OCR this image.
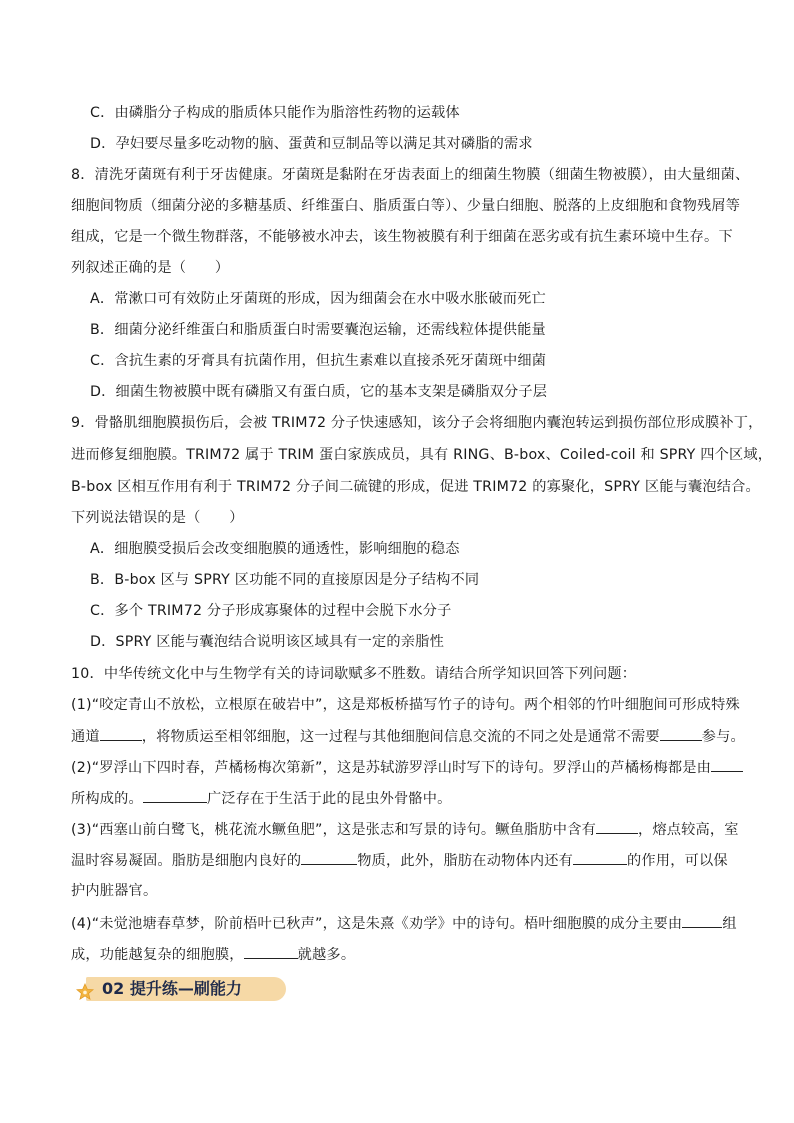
C．由磷脂分子构成的脂质体只能作为脂溶性药物的运载体
D．孕妇要尽量多吃动物的脑、蛋黄和豆制品等以满足其对磷脂的需求
8．清洗牙菌斑有利于牙齿健康。牙菌斑是黏附在牙齿表面上的细菌生物膜（细菌生物被膜），由大量细菌、
细胞间物质（细菌分泌的多糖基质、纤维蛋白、脂质蛋白等）、少量白细胞、脱落的上皮细胞和食物残屑等
组成，它是一个微生物群落，不能够被水冲去，该生物被膜有利于细菌在恶劣或有抗生素环境中生存。下
列叙述正确的是（　　）
A．常漱口可有效防止牙菌斑的形成，因为细菌会在水中吸水胀破而死亡
B．细菌分泌纤维蛋白和脂质蛋白时需要囊泡运输，还需线粒体提供能量
C．含抗生素的牙膏具有抗菌作用，但抗生素难以直接杀死牙菌斑中细菌
D．细菌生物被膜中既有磷脂又有蛋白质，它的基本支架是磷脂双分子层
9．骨骼肌细胞膜损伤后，会被 TRIM72 分子快速感知，该分子会将细胞内囊泡转运到损伤部位形成膜补丁，
进而修复细胞膜。TRIM72 属于 TRIM 蛋白家族成员，具有 RING、B-box、Coiled-coil 和 SPRY 四个区域，
B-box 区相互作用有利于 TRIM72 分子间二硫键的形成，促进 TRIM72 的寡聚化，SPRY 区能与囊泡结合。
下列说法错误的是（　　）
A．细胞膜受损后会改变细胞膜的通透性，影响细胞的稳态
B．B-box 区与 SPRY 区功能不同的直接原因是分子结构不同
C．多个 TRIM72 分子形成寡聚体的过程中会脱下水分子
D．SPRY 区能与囊泡结合说明该区域具有一定的亲脂性
10．中华传统文化中与生物学有关的诗词歇赋多不胜数。请结合所学知识回答下列问题：
(1)“咬定青山不放松，立根原在破岩中”，这是郑板桥描写竹子的诗句。两个相邻的竹叶细胞间可形成特殊
通道	，将物质运至相邻细胞，这一过程与其他细胞间信息交流的不同之处是通常不需要	参与。
(2)“罗浮山下四时春，芦橘杨梅次第新”，这是苏轼游罗浮山时写下的诗句。罗浮山的芦橘杨梅都是由
所构成的。	广泛存在于生活于此的昆虫外骨骼中。
(3)“西塞山前白鹭飞，桃花流水鳜鱼肥”，这是张志和写景的诗句。鳜鱼脂肪中含有	，熔点较高，室
温时容易凝固。脂肪是细胞内良好的	物质，此外，脂肪在动物体内还有	的作用，可以保
护内脏器官。
(4)“未觉池塘春草梦，阶前梧叶已秋声”，这是朱熹《劝学》中的诗句。梧叶细胞膜的成分主要由	组
成，功能越复杂的细胞膜，	就越多。
02 提升练—刷能力
